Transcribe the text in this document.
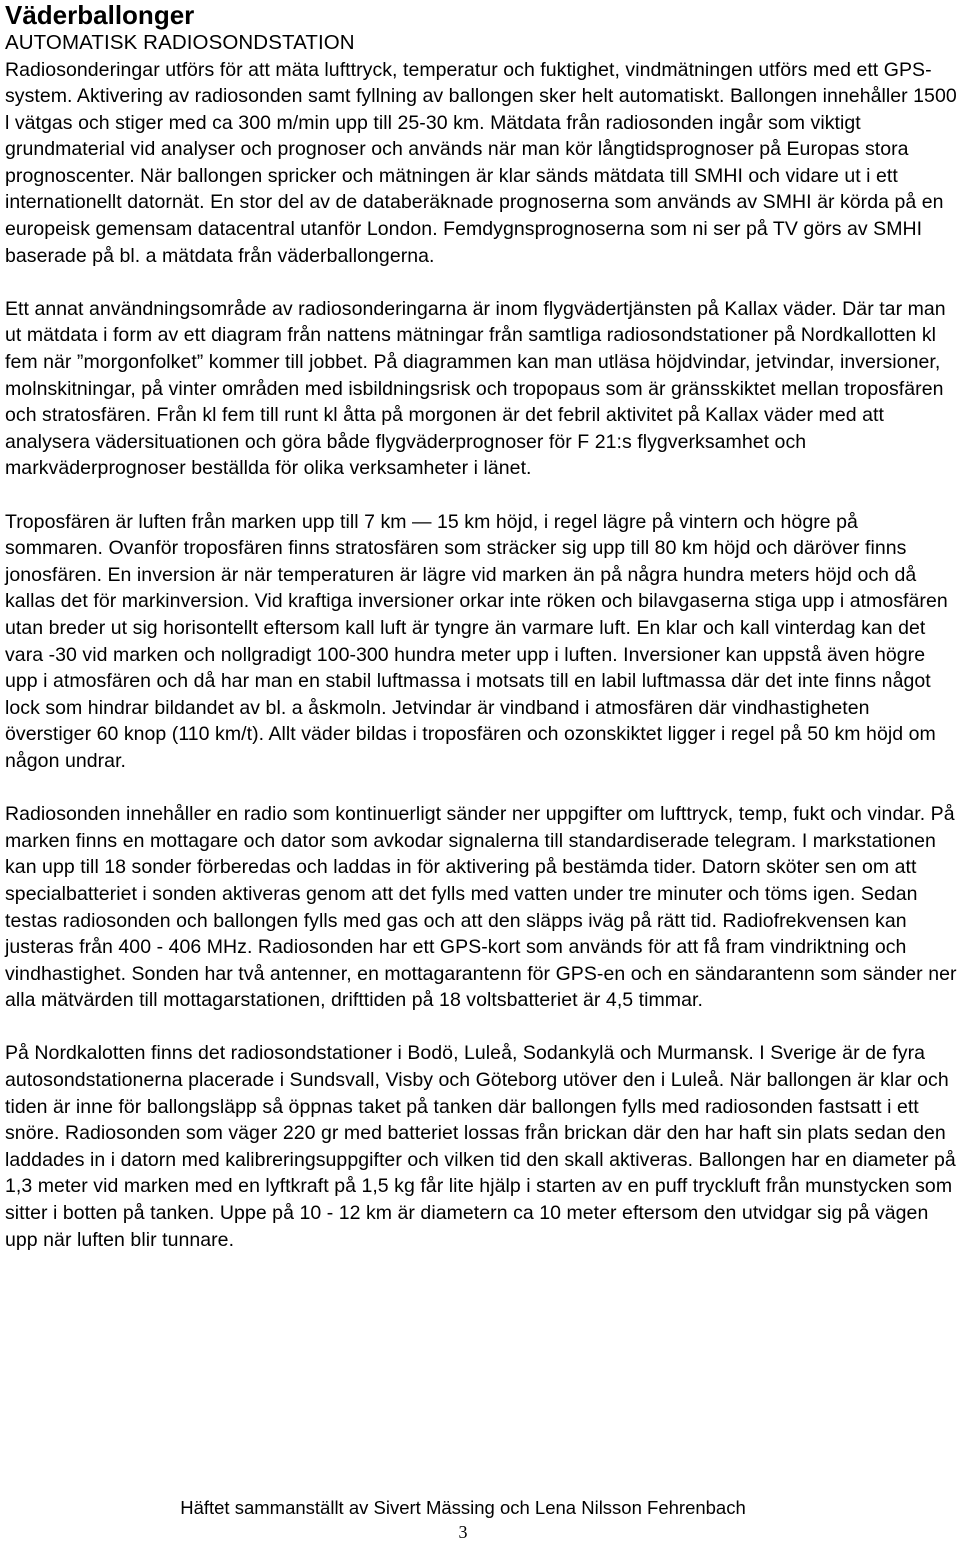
Väderballonger
AUTOMATISK RADIOSONDSTATION

Radiosonderingar utförs för att mäta lufttryck, temperatur och fuktighet, vindmätningen utförs med ett GPS-system. Aktivering av radiosonden samt fyllning av ballongen sker helt automatiskt. Ballongen innehåller 1500 l vätgas och stiger med ca 300 m/min upp till 25-30 km. Mätdata från radiosonden ingår som viktigt grundmaterial vid analyser och prognoser och används när man kör långtidsprognoser på Europas stora prognoscenter. När ballongen spricker och mätningen är klar sänds mätdata till SMHI och vidare ut i ett internationellt datornät. En stor del av de databeräknade prognoserna som används av SMHI är körda på en europeisk gemensam datacentral utanför London. Femdygnsprognoserna som ni ser på TV görs av SMHI baserade på bl. a mätdata från väderballongerna.

Ett annat användningsområde av radiosonderingarna är inom flygvädertjänsten på Kallax väder. Där tar man ut mätdata i form av ett diagram från nattens mätningar från samtliga radiosondstationer på Nordkallotten kl fem när ”morgonfolket” kommer till jobbet. På diagrammen kan man utläsa höjdvindar, jetvindar, inversioner, molnskitningar, på vinter områden med isbildningsrisk och tropopaus som är gränsskiktet mellan troposfären och stratosfären. Från kl fem till runt kl åtta på morgonen är det febril aktivitet på Kallax väder med att analysera vädersituationen och göra både flygväderprognoser för F 21:s flygverksamhet och markväderprognoser beställda för olika verksamheter i länet.

Troposfären är luften från marken upp till 7 km — 15 km höjd, i regel lägre på vintern och högre på sommaren. Ovanför troposfären finns stratosfären som sträcker sig upp till 80 km höjd och däröver finns jonosfären. En inversion är när temperaturen är lägre vid marken än på några hundra meters höjd och då kallas det för markinversion. Vid kraftiga inversioner orkar inte röken och bilavgaserna stiga upp i atmosfären utan breder ut sig horisontellt eftersom kall luft är tyngre än varmare luft. En klar och kall vinterdag kan det vara -30 vid marken och nollgradigt 100-300 hundra meter upp i luften. Inversioner kan uppstå även högre upp i atmosfären och då har man en stabil luftmassa i motsats till en labil luftmassa där det inte finns något lock som hindrar bildandet av bl. a åskmoln. Jetvindar är vindband i atmosfären där vindhastigheten överstiger 60 knop (110 km/t). Allt väder bildas i troposfären och ozonskiktet ligger i regel på 50 km höjd om någon undrar.

Radiosonden innehåller en radio som kontinuerligt sänder ner uppgifter om lufttryck, temp, fukt och vindar. På marken finns en mottagare och dator som avkodar signalerna till standardiserade telegram. I markstationen kan upp till 18 sonder förberedas och laddas in för aktivering på bestämda tider. Datorn sköter sen om att specialbatteriet i sonden aktiveras genom att det fylls med vatten under tre minuter och töms igen. Sedan testas radiosonden och ballongen fylls med gas och att den släpps iväg på rätt tid. Radiofrekvensen kan justeras från 400 - 406 MHz. Radiosonden har ett GPS-kort som används för att få fram vindriktning och vindhastighet. Sonden har två antenner, en mottagarantenn för GPS-en och en sändarantenn som sänder ner alla mätvärden till mottagarstationen, drifttiden på 18 voltsbatteriet är 4,5 timmar.

På Nordkalotten finns det radiosondstationer i Bodö, Luleå, Sodankylä och Murmansk. I Sverige är de fyra autosondstationerna placerade i Sundsvall, Visby och Göteborg utöver den i Luleå. När ballongen är klar och tiden är inne för ballongsläpp så öppnas taket på tanken där ballongen fylls med radiosonden fastsatt i ett snöre. Radiosonden som väger 220 gr med batteriet lossas från brickan där den har haft sin plats sedan den laddades in i datorn med kalibreringsuppgifter och vilken tid den skall aktiveras. Ballongen har en diameter på 1,3 meter vid marken med en lyftkraft på 1,5 kg får lite hjälp i starten av en puff tryckluft från munstycken som sitter i botten på tanken. Uppe på 10 - 12 km är diametern ca 10 meter eftersom den utvidgar sig på vägen upp när luften blir tunnare.

Häftet sammanställt av Sivert Mässing och Lena Nilsson Fehrenbach
3
